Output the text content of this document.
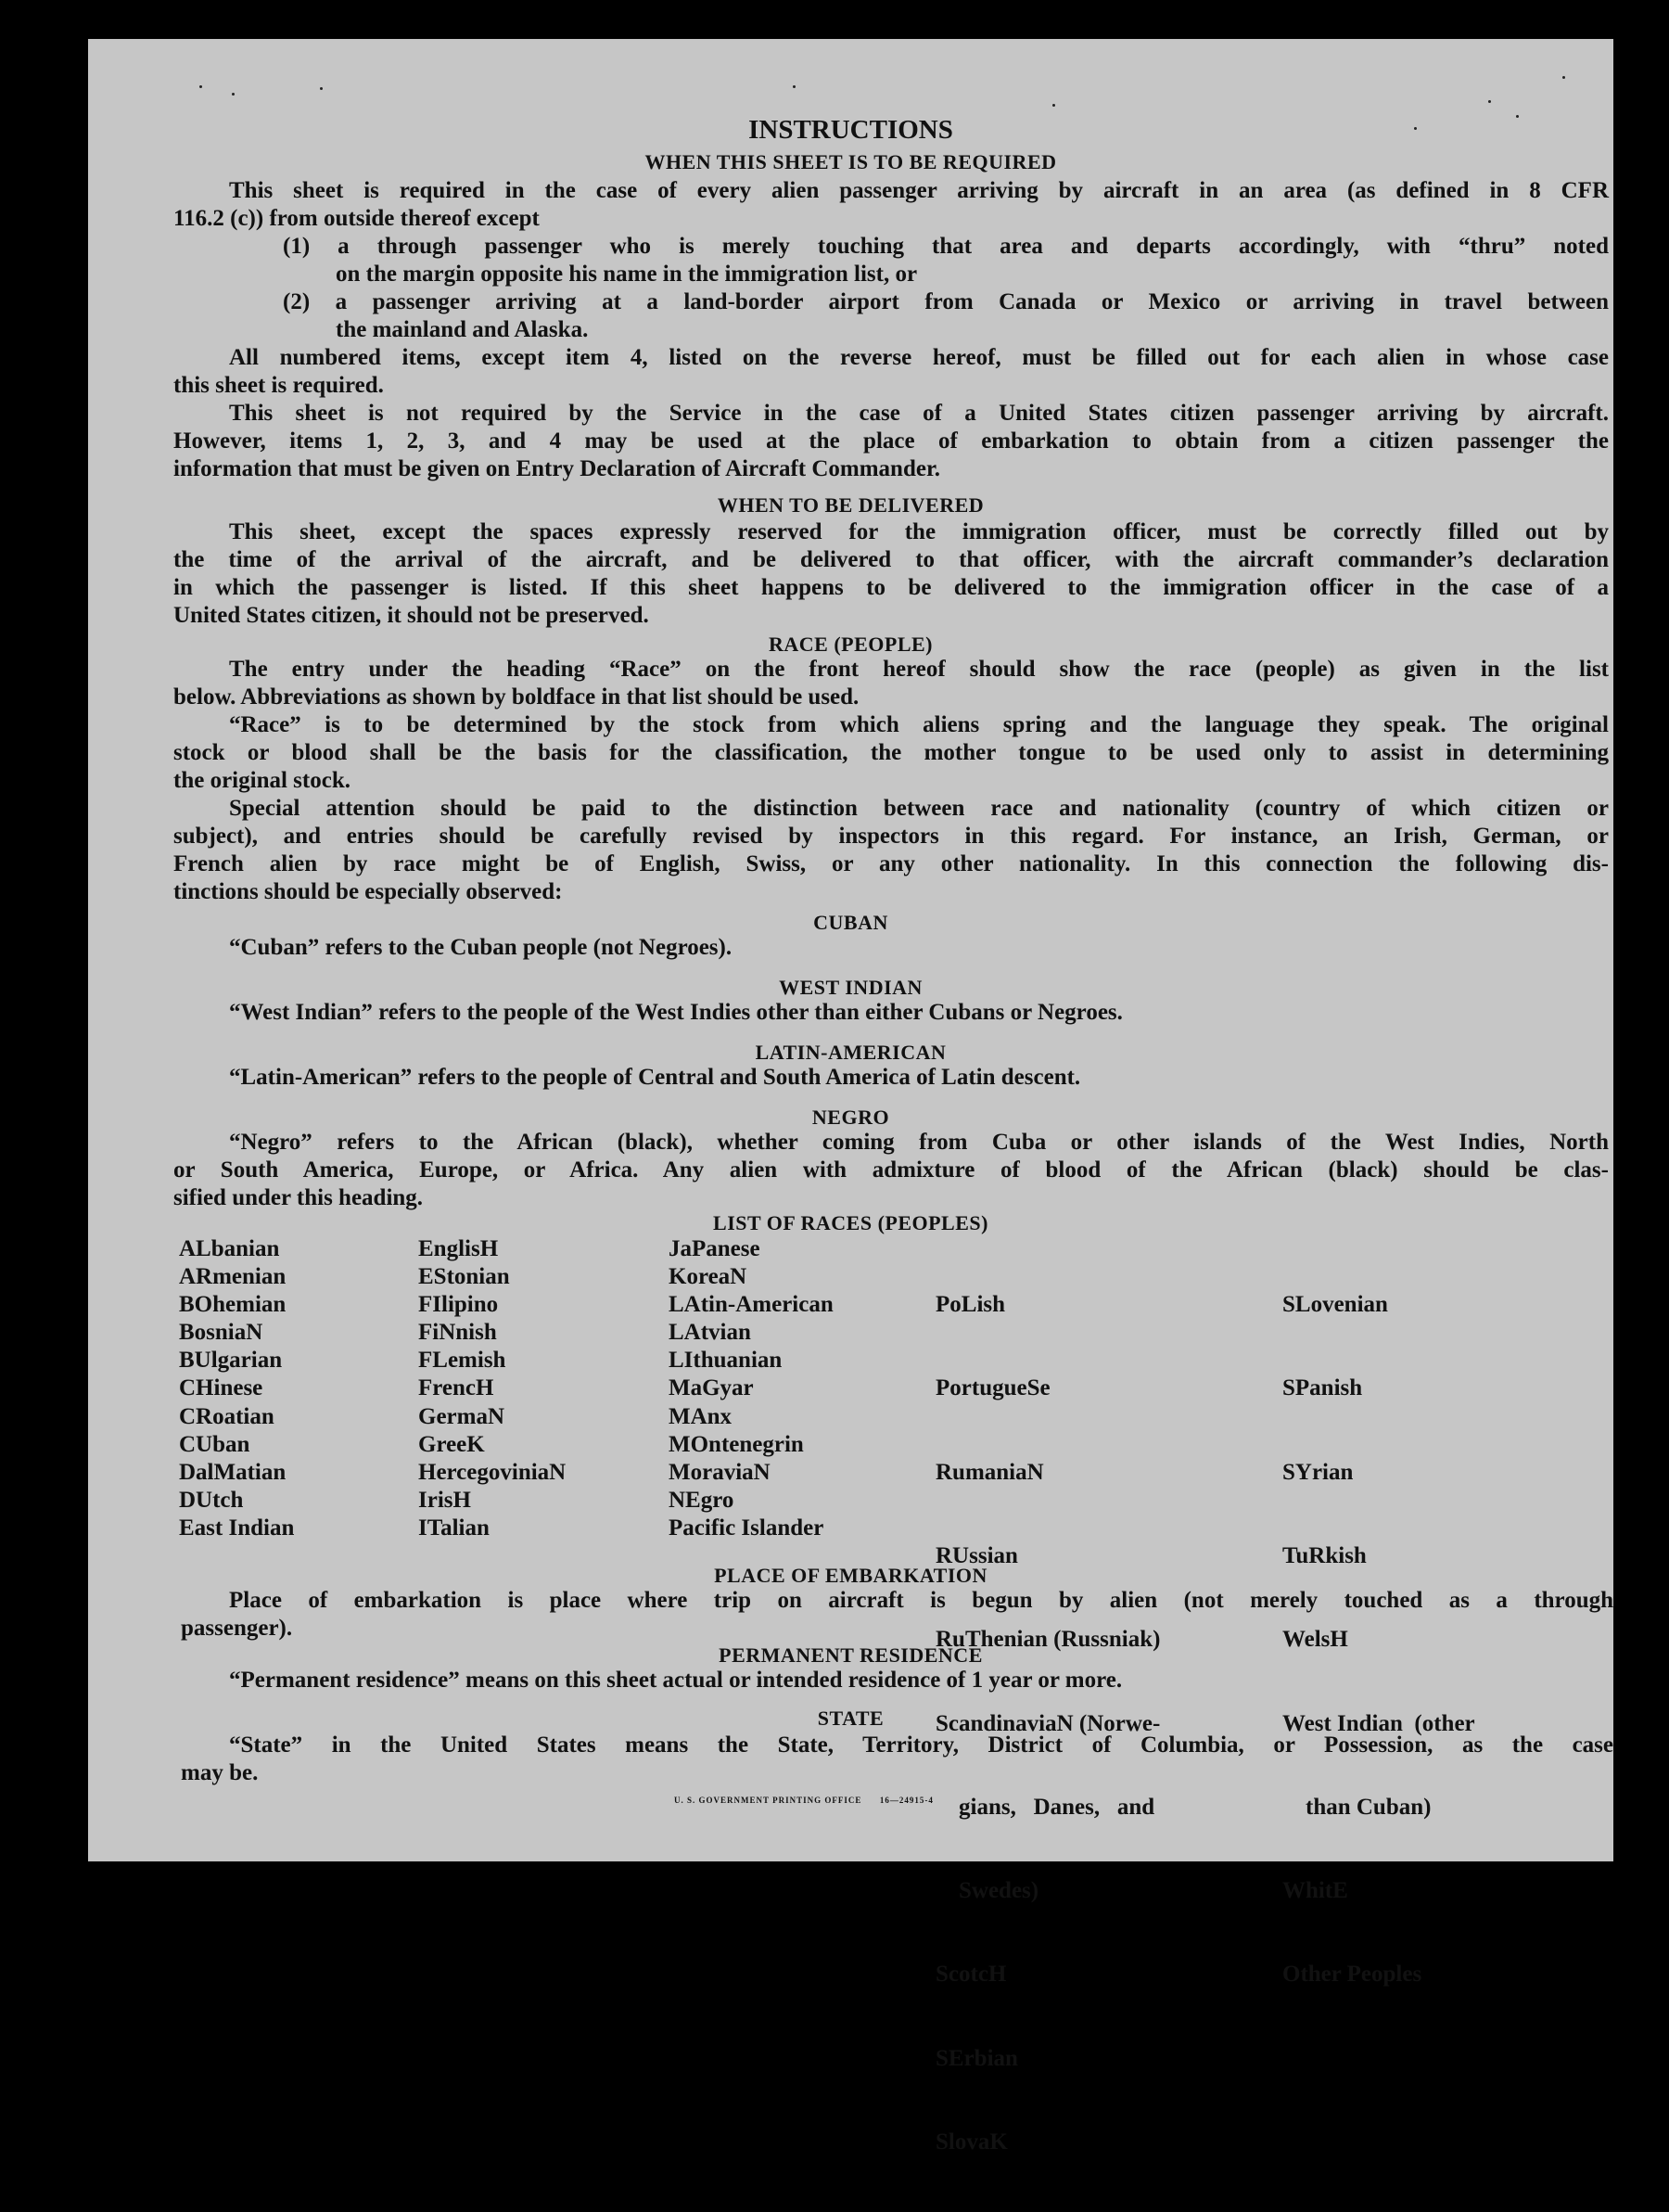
INSTRUCTIONS
WHEN THIS SHEET IS TO BE REQUIRED
This sheet is required in the case of every alien passenger arriving by aircraft in an area (as defined in 8 CFR
116.2 (c)) from outside thereof except
(1) a through passenger who is merely touching that area and departs accordingly, with “thru” noted
on the margin opposite his name in the immigration list, or
(2) a passenger arriving at a land-border airport from Canada or Mexico or arriving in travel between
the mainland and Alaska.
All numbered items, except item 4, listed on the reverse hereof, must be filled out for each alien in whose case
this sheet is required.
This sheet is not required by the Service in the case of a United States citizen passenger arriving by aircraft.
However, items 1, 2, 3, and 4 may be used at the place of embarkation to obtain from a citizen passenger the
information that must be given on Entry Declaration of Aircraft Commander.
WHEN TO BE DELIVERED
This sheet, except the spaces expressly reserved for the immigration officer, must be correctly filled out by
the time of the arrival of the aircraft, and be delivered to that officer, with the aircraft commander’s declaration
in which the passenger is listed. If this sheet happens to be delivered to the immigration officer in the case of a
United States citizen, it should not be preserved.
RACE (PEOPLE)
The entry under the heading “Race” on the front hereof should show the race (people) as given in the list
below. Abbreviations as shown by boldface in that list should be used.
“Race” is to be determined by the stock from which aliens spring and the language they speak. The original
stock or blood shall be the basis for the classification, the mother tongue to be used only to assist in determining
the original stock.
Special attention should be paid to the distinction between race and nationality (country of which citizen or
subject), and entries should be carefully revised by inspectors in this regard. For instance, an Irish, German, or
French alien by race might be of English, Swiss, or any other nationality. In this connection the following dis-
tinctions should be especially observed:
CUBAN
“Cuban” refers to the Cuban people (not Negroes).
WEST INDIAN
“West Indian” refers to the people of the West Indies other than either Cubans or Negroes.
LATIN-AMERICAN
“Latin-American” refers to the people of Central and South America of Latin descent.
NEGRO
“Negro” refers to the African (black), whether coming from Cuba or other islands of the West Indies, North
or South America, Europe, or Africa. Any alien with admixture of blood of the African (black) should be clas-
sified under this heading.
LIST OF RACES (PEOPLES)
ALbanian
ARmenian
BOhemian
BosniaN
BUlgarian
CHinese
CRoatian
CUban
DalMatian
DUtch
East Indian
EnglisH
EStonian
FIlipino
FiNnish
FLemish
FrencH
GermaN
GreeK
HercegoviniaN
IrisH
ITalian
JaPanese
KoreaN
LAtin-American
LAtvian
LIthuanian
MaGyar
MAnx
MOntenegrin
MoraviaN
NEgro
Pacific Islander

PoLish

PortugueSe

RumaniaN

RUssian

RuThenian (Russniak)

ScandinaviaN (Norwe-

gians,   Danes,   and

Swedes)

ScotcH

SErbian

SlovaK

SLovenian

SPanish

SYrian

TuRkish

WelsH

West Indian  (other

than Cuban)

WhitE

Other Peoples

PLACE OF EMBARKATION
Place of embarkation is place where trip on aircraft is begun by alien (not merely touched as a through
passenger).
PERMANENT RESIDENCE
“Permanent residence” means on this sheet actual or intended residence of 1 year or more.
STATE
“State” in the United States means the State, Territory, District of Columbia, or Possession, as the case
may be.
U. S. GOVERNMENT PRINTING OFFICE      16—24915-4
